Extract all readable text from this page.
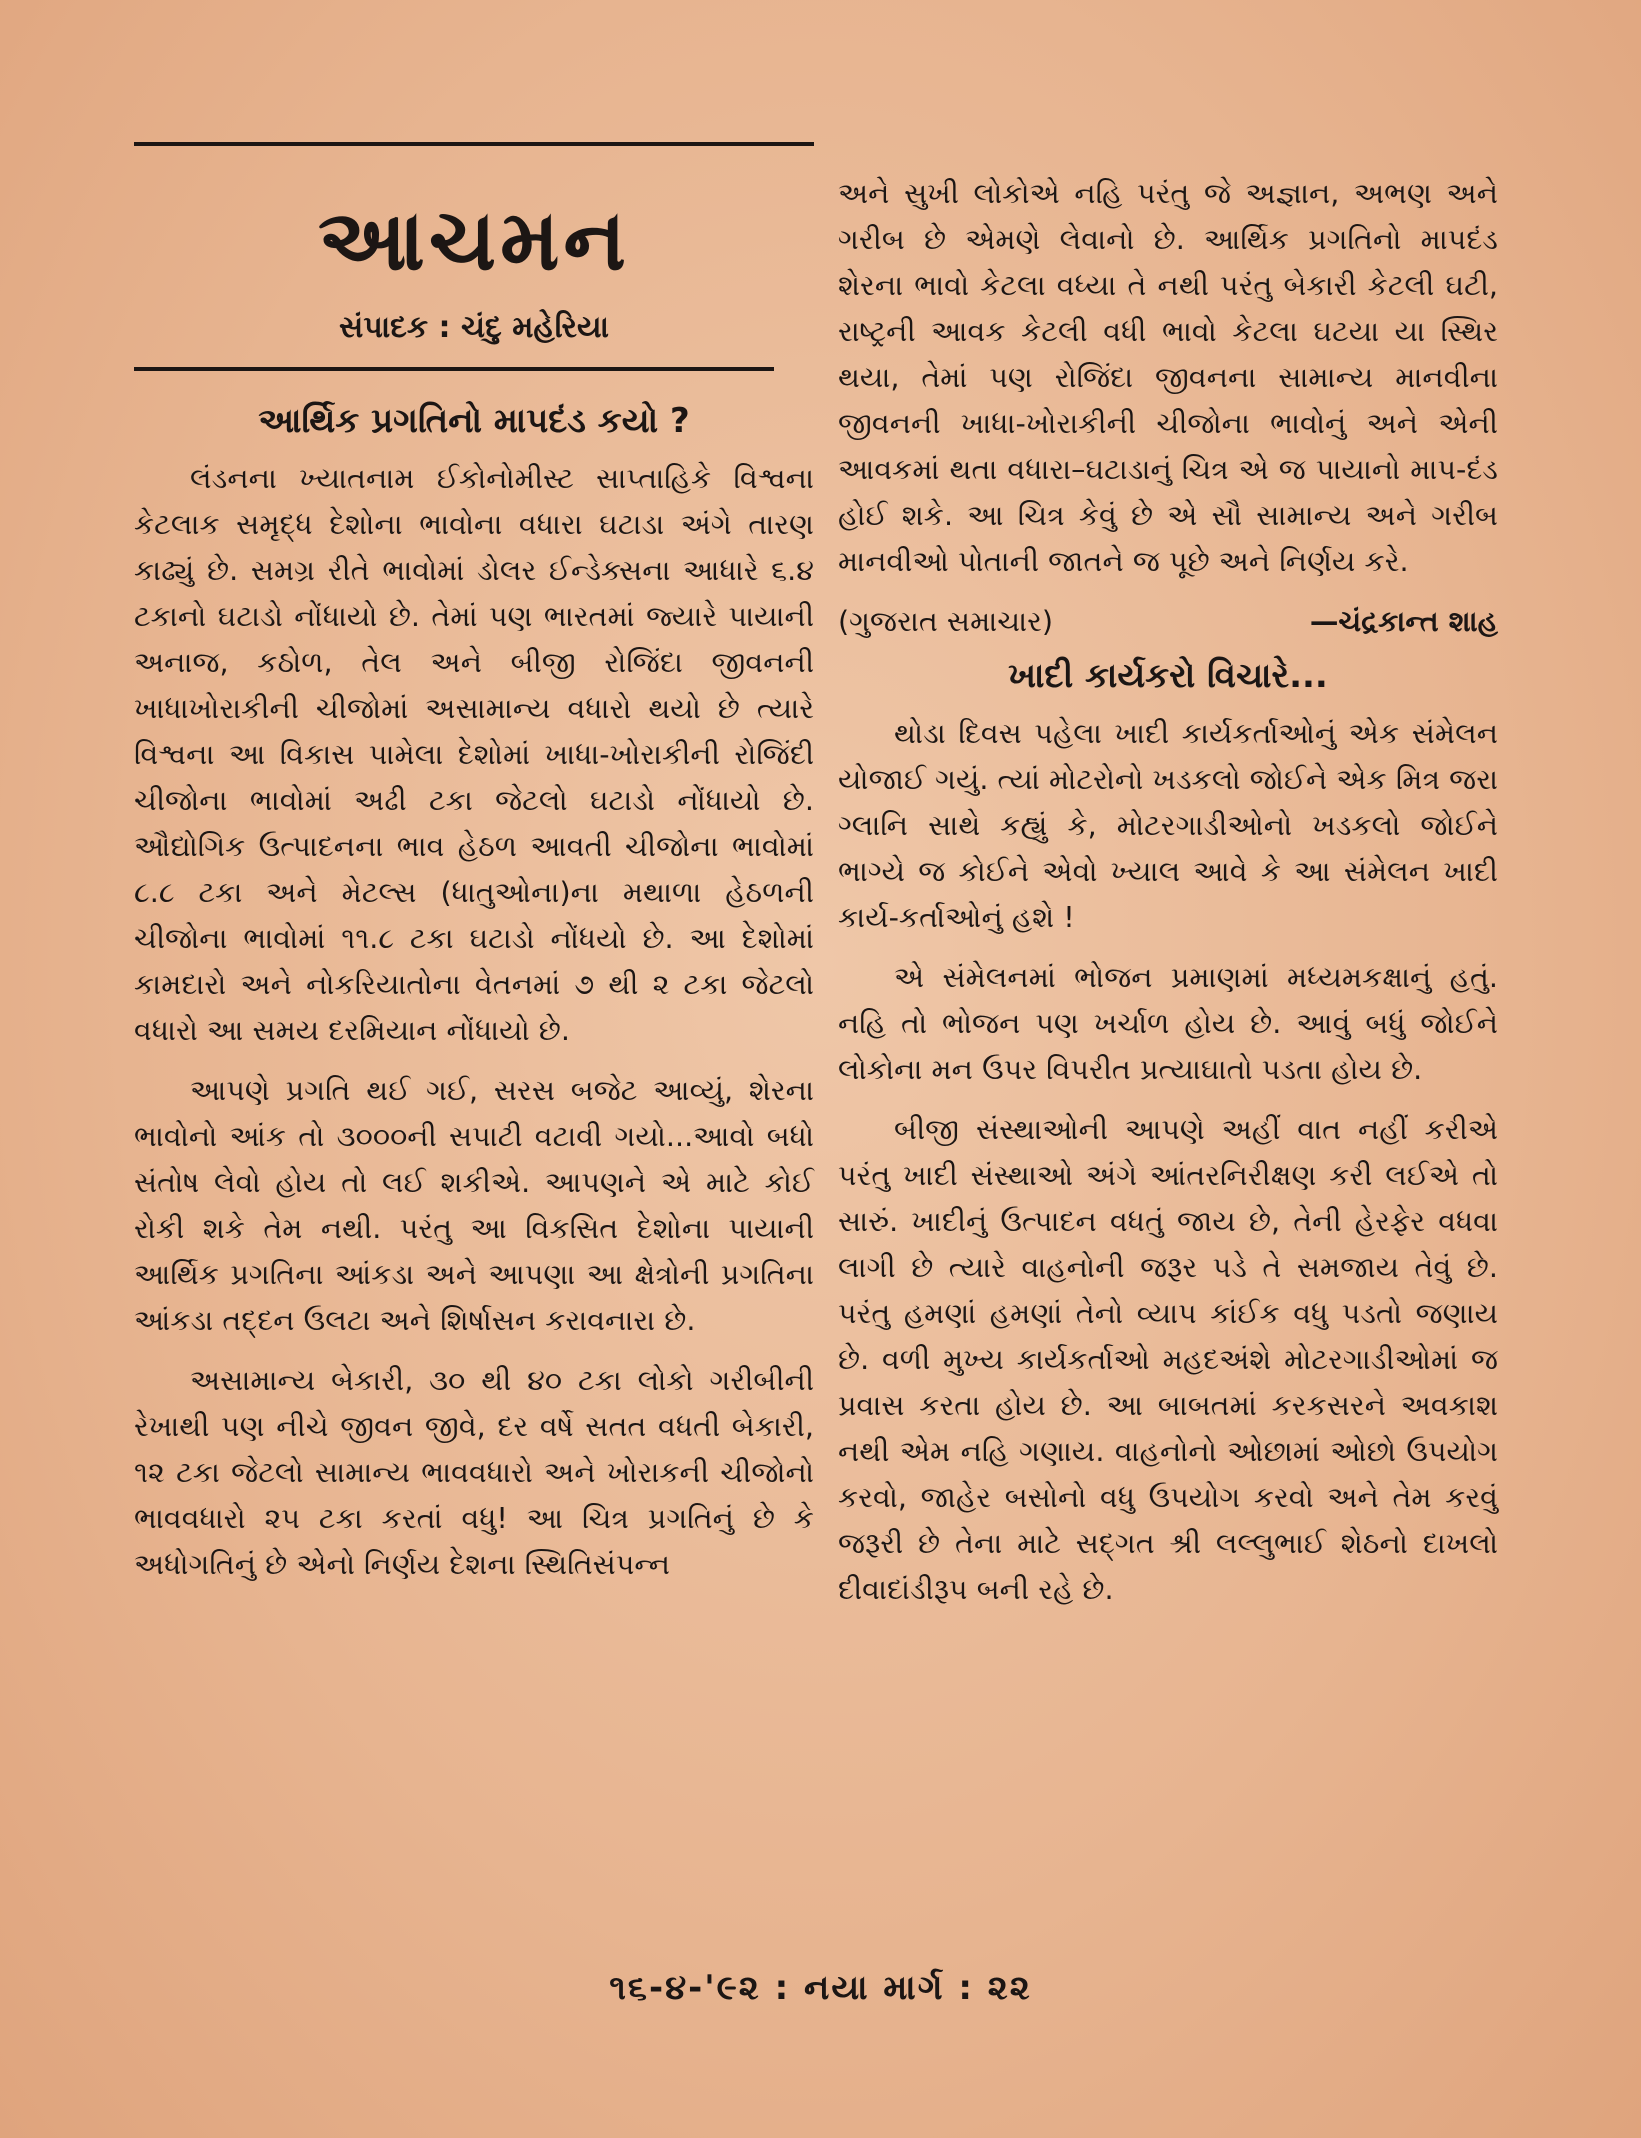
આચમન
સંપાદક : ચંદુ મહેરિયા
આર્થિક પ્રગતિનો માપદંડ કયો ?

લંડનના ખ્યાતનામ ઈકોનોમીસ્ટ સાપ્તાહિકે વિશ્વના કેટલાક સમૃદ્ધ દેશોના ભાવોના વધારા ઘટાડા અંગે તારણ કાઢ્યું છે. સમગ્ર રીતે ભાવોમાં ડોલર ઈન્ડેક્સના આધારે ૬.૪ ટકાનો ઘટાડો નોંધાયો છે. તેમાં પણ ભારતમાં જ્યારે પાયાની અનાજ, કઠોળ, તેલ અને બીજી રોજિંદા જીવનની ખાધાખોરાકીની ચીજોમાં અસામાન્ય વધારો થયો છે ત્યારે વિશ્વના આ વિકાસ પામેલા દેશોમાં ખાધા-ખોરાકીની રોજિંદી ચીજોના ભાવોમાં અઢી ટકા જેટલો ઘટાડો નોંધાયો છે. ઔદ્યોગિક ઉત્પાદનના ભાવ હેઠળ આવતી ચીજોના ભાવોમાં ૮.૮ ટકા અને મેટલ્સ (ધાતુઓના)ના મથાળા હેઠળની ચીજોના ભાવોમાં ૧૧.૮ ટકા ઘટાડો નોંધયો છે. આ દેશોમાં કામદારો અને નોકરિયાતોના વેતનમાં ૭ થી ૨ ટકા જેટલો વધારો આ સમય દરમિયાન નોંધાયો છે.

આપણે પ્રગતિ થઈ ગઈ, સરસ બજેટ આવ્યું, શેરના ભાવોનો આંક તો ૩૦૦૦ની સપાટી વટાવી ગયો...આવો બધો સંતોષ લેવો હોય તો લઈ શકીએ. આપણને એ માટે કોઈ રોકી શકે તેમ નથી. પરંતુ આ વિકસિત દેશોના પાયાની આર્થિક પ્રગતિના આંકડા અને આપણા આ ક્ષેત્રોની પ્રગતિના આંકડા તદ્દન ઉલટા અને શિર્ષાસન કરાવનારા છે.

અસામાન્ય બેકારી, ૩૦ થી ૪૦ ટકા લોકો ગરીબીની રેખાથી પણ નીચે જીવન જીવે, દર વર્ષે સતત વધતી બેકારી, ૧૨ ટકા જેટલો સામાન્ય ભાવવધારો અને ખોરાકની ચીજોનો ભાવવધારો ૨૫ ટકા કરતાં વધુ! આ ચિત્ર પ્રગતિનું છે કે અધોગતિનું છે એનો નિર્ણય દેશના સ્થિતિસંપન્ન

અને સુખી લોકોએ નહિ પરંતુ જે અજ્ઞાન, અભણ અને ગરીબ છે એમણે લેવાનો છે. આર્થિક પ્રગતિનો માપદંડ શેરના ભાવો કેટલા વધ્યા તે નથી પરંતુ બેકારી કેટલી ઘટી, રાષ્ટ્રની આવક કેટલી વધી ભાવો કેટલા ઘટયા યા સ્થિર થયા, તેમાં પણ રોજિંદા જીવનના સામાન્ય માનવીના જીવનની ખાધા-ખોરાકીની ચીજોના ભાવોનું અને એની આવકમાં થતા વધારા–ઘટાડાનું ચિત્ર એ જ પાયાનો માપ-દંડ હોઈ શકે. આ ચિત્ર કેવું છે એ સૌ સામાન્ય અને ગરીબ માનવીઓ પોતાની જાતને જ પૂછે અને નિર્ણય કરે.

(ગુજરાત સમાચાર)	—ચંદ્રકાન્ત શાહ
ખાદી કાર્યકરો વિચારે...

થોડા દિવસ પહેલા ખાદી કાર્યકર્તાઓનું એક સંમેલન યોજાઈ ગયું. ત્યાં મોટરોનો ખડકલો જોઈને એક મિત્ર જરા ગ્લાનિ સાથે કહ્યું કે, મોટરગાડીઓનો ખડકલો જોઈને ભાગ્યે જ કોઈને એવો ખ્યાલ આવે કે આ સંમેલન ખાદી કાર્ય-કર્તાઓનું હશે !

એ સંમેલનમાં ભોજન પ્રમાણમાં મધ્યમકક્ષાનું હતું. નહિ તો ભોજન પણ ખર્ચાળ હોય છે. આવું બધું જોઈને લોકોના મન ઉપર વિપરીત પ્રત્યાઘાતો પડતા હોય છે.

બીજી સંસ્થાઓની આપણે અહીં વાત નહીં કરીએ પરંતુ ખાદી સંસ્થાઓ અંગે આંતરનિરીક્ષણ કરી લઈએ તો સારું. ખાદીનું ઉત્પાદન વધતું જાય છે, તેની હેરફેર વધવા લાગી છે ત્યારે વાહનોની જરૂર પડે તે સમજાય તેવું છે. પરંતુ હમણાં હમણાં તેનો વ્યાપ કાંઈક વધુ પડતો જણાય છે. વળી મુખ્ય કાર્યકર્તાઓ મહદઅંશે મોટરગાડીઓમાં જ પ્રવાસ કરતા હોય છે. આ બાબતમાં કરકસરને અવકાશ નથી એમ નહિ ગણાય. વાહનોનો ઓછામાં ઓછો ઉપયોગ કરવો, જાહેર બસોનો વધુ ઉપયોગ કરવો અને તેમ કરવું જરૂરી છે તેના માટે સદ્ગત શ્રી લલ્લુભાઈ શેઠનો દાખલો દીવાદાંડીરૂપ બની રહે છે.

૧૬-૪-'૯૨ : નયા માર્ગ : ૨૨
